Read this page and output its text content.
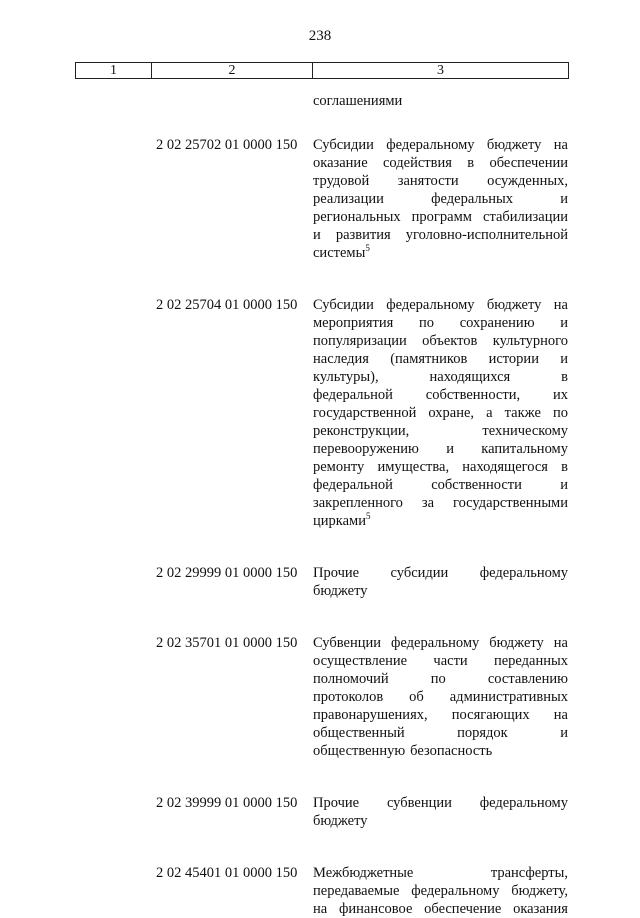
238
1	2	3
соглашениями
2 02 25702 01 0000 150	Субсидии федеральному бюджету на
оказание содействия в обеспечении
трудовой занятости осужденных,
реализации	федеральных	и
региональных программ стабилизации
и развития уголовно-исполнительной
системы$^5$
2 02 25704 01 0000 150	Субсидии федеральному бюджету на
мероприятия по сохранению и
популяризации объектов культурного
наследия (памятников истории и
культуры),	находящихся	в
федеральной собственности, их
государственной охране, а также по
реконструкции,	техническому
перевооружению и капитальному
ремонту имущества, находящегося в
федеральной	собственности	и
закрепленного за государственными
цирками$^5$
2 02 29999 01 0000 150	Прочие субсидии федеральному
бюджету
2 02 35701 01 0000 150	Субвенции федеральному бюджету на
осуществление части переданных
полномочий	по	составлению
протоколов об административных
правонарушениях, посягающих на
общественный	порядок	и
общественную безопасность
2 02 39999 01 0000 150	Прочие субвенции федеральному
бюджету
2 02 45401 01 0000 150	Межбюджетные	трансферты,
передаваемые федеральному бюджету,
на финансовое обеспечение оказания
